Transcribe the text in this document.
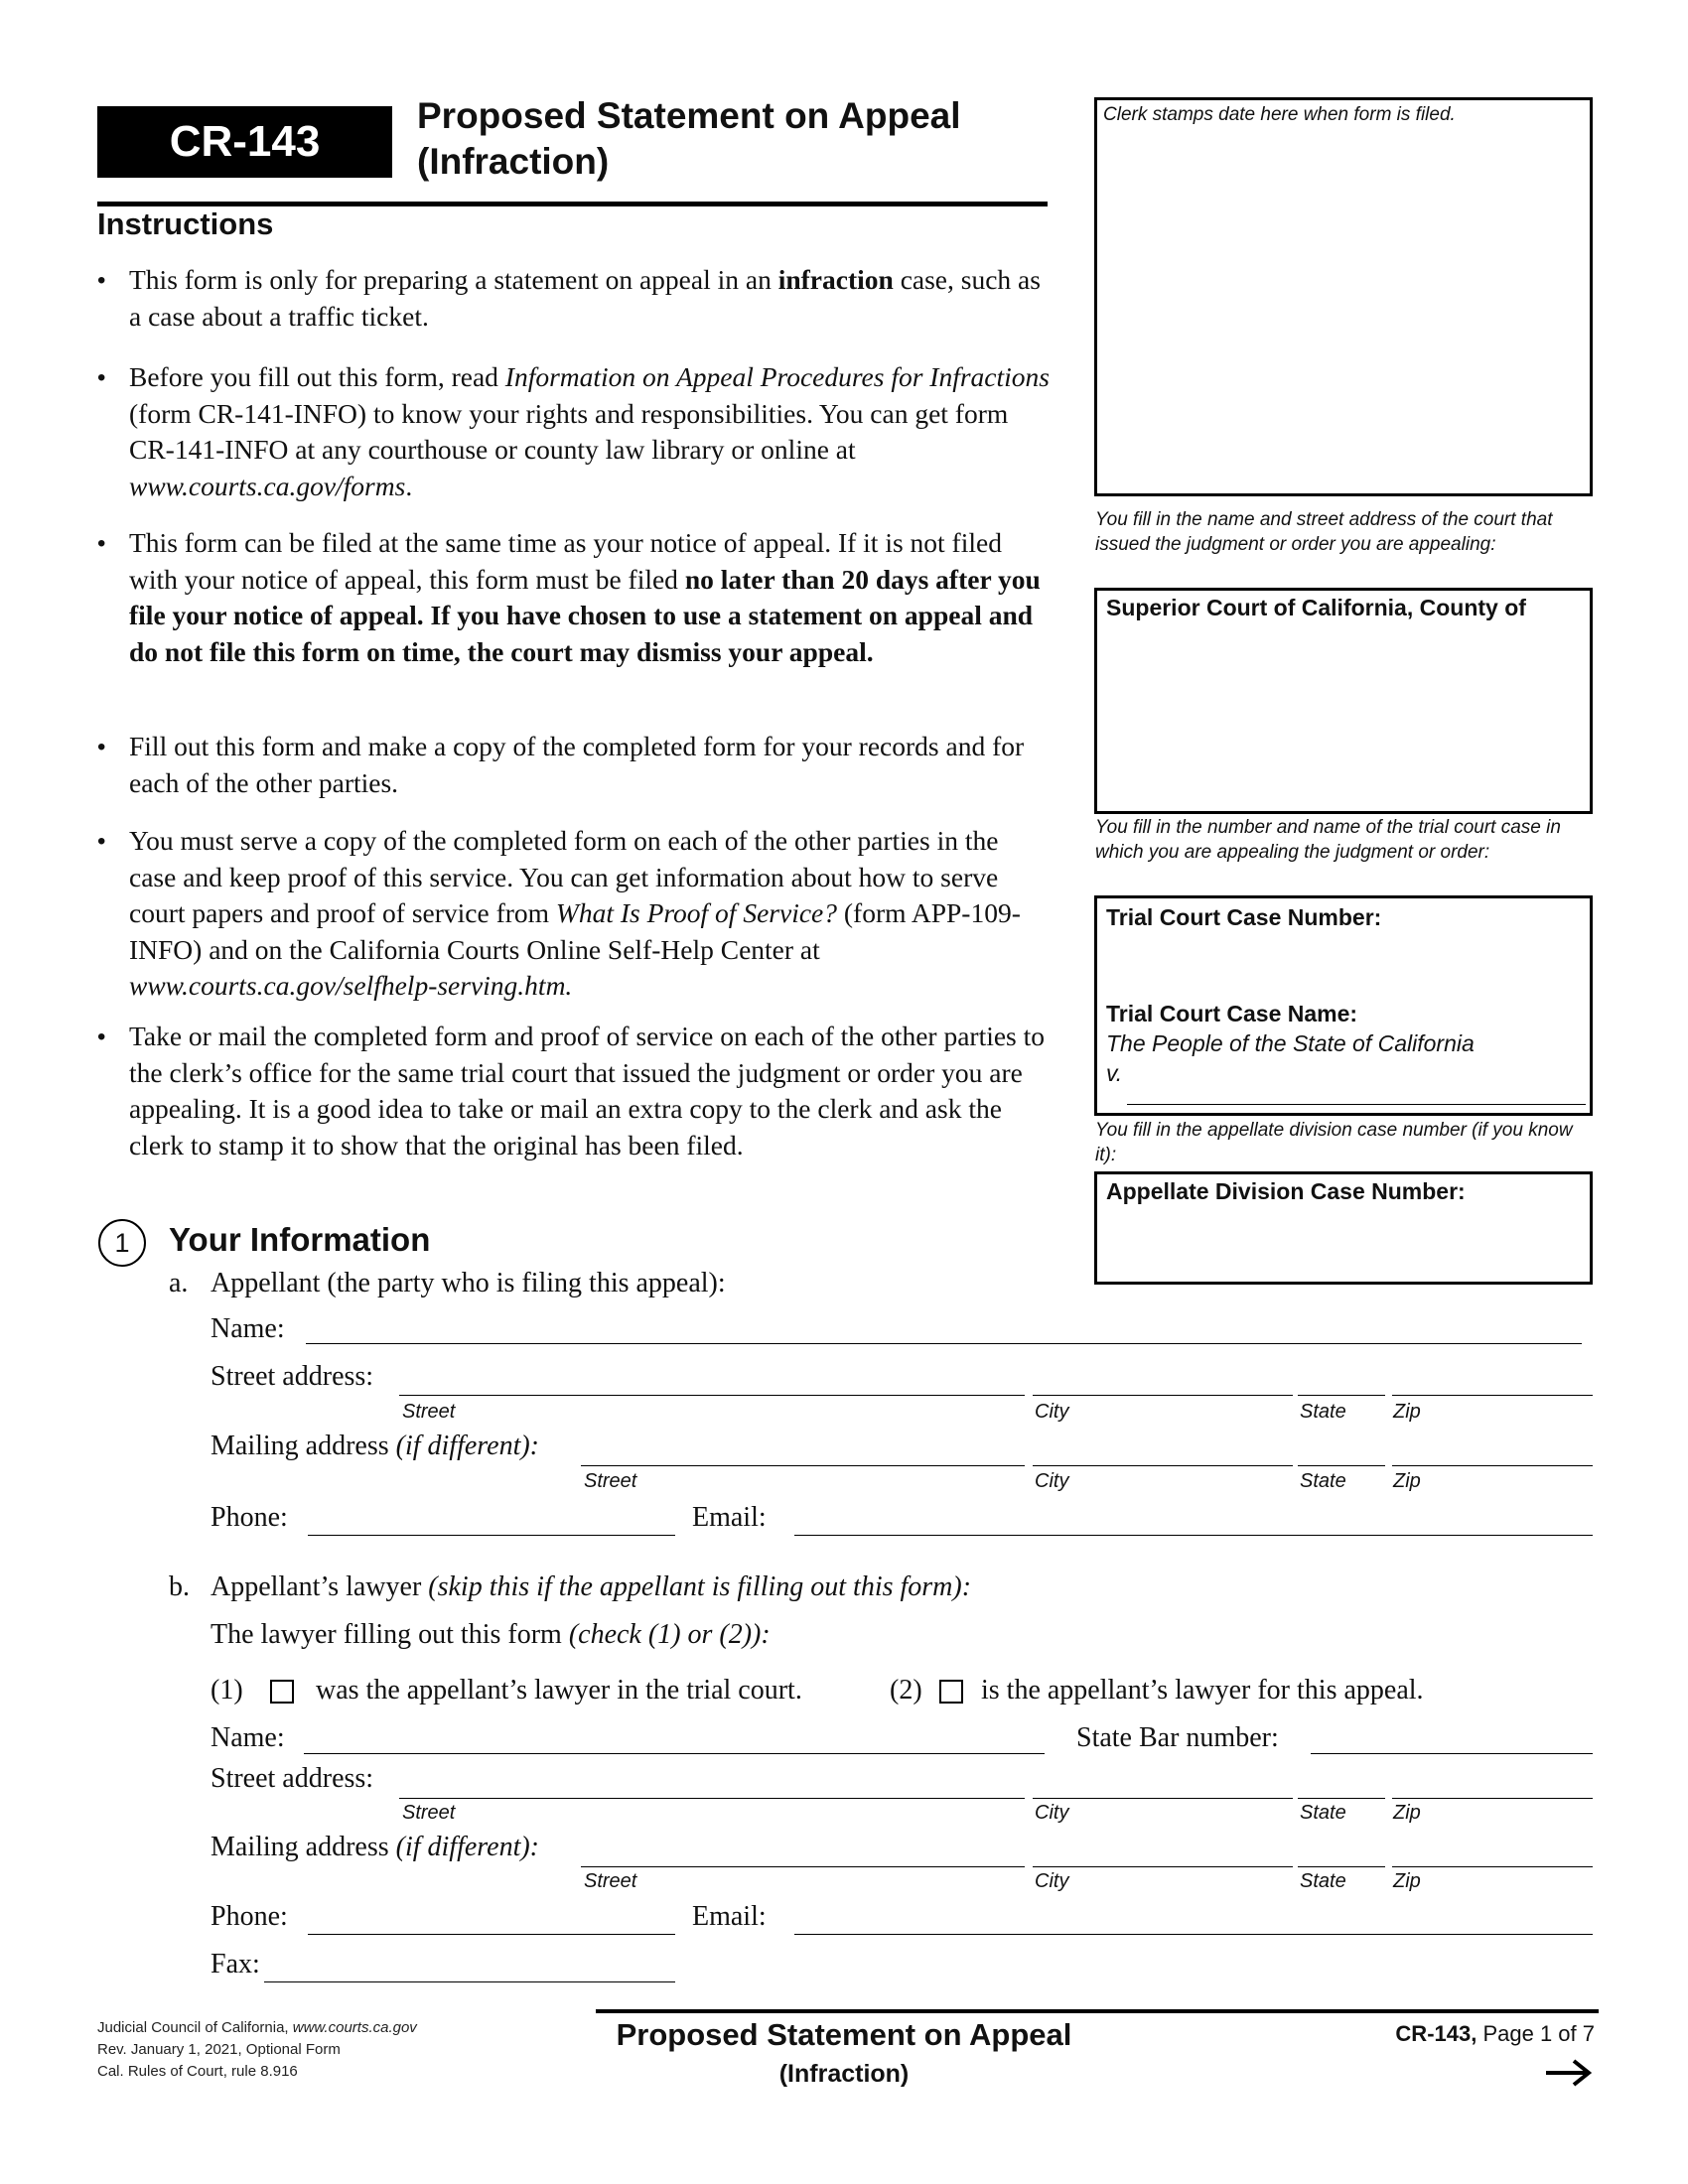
CR-143
Proposed Statement on Appeal
(Infraction)
Instructions
• This form is only for preparing a statement on appeal in an infraction case, such as a case about a traffic ticket.
• Before you fill out this form, read Information on Appeal Procedures for Infractions (form CR-141-INFO) to know your rights and responsibilities. You can get form CR-141-INFO at any courthouse or county law library or online at www.courts.ca.gov/forms.
• This form can be filed at the same time as your notice of appeal. If it is not filed with your notice of appeal, this form must be filed no later than 20 days after you file your notice of appeal. If you have chosen to use a statement on appeal and do not file this form on time, the court may dismiss your appeal.
• Fill out this form and make a copy of the completed form for your records and for each of the other parties.
• You must serve a copy of the completed form on each of the other parties in the case and keep proof of this service. You can get information about how to serve court papers and proof of service from What Is Proof of Service? (form APP-109-INFO) and on the California Courts Online Self-Help Center at www.courts.ca.gov/selfhelp-serving.htm.
• Take or mail the completed form and proof of service on each of the other parties to the clerk’s office for the same trial court that issued the judgment or order you are appealing. It is a good idea to take or mail an extra copy to the clerk and ask the clerk to stamp it to show that the original has been filed.
Clerk stamps date here when form is filed.
You fill in the name and street address of the court that issued the judgment or order you are appealing:
Superior Court of California, County of
You fill in the number and name of the trial court case in which you are appealing the judgment or order:
Trial Court Case Number:
Trial Court Case Name:
The People of the State of California
v.
You fill in the appellate division case number (if you know it):
Appellate Division Case Number:
1	Your Information
a. Appellant (the party who is filing this appeal):
Name:
Street address:
Street	City	State Zip
Mailing address (if different):
Street	City	State Zip
Phone:	Email:
b. Appellant’s lawyer (skip this if the appellant is filling out this form):
The lawyer filling out this form (check (1) or (2)):
(1)	was the appellant’s lawyer in the trial court.	(2) is the appellant’s lawyer for this appeal.
Name:	State Bar number:
Street address:
Street	City	State Zip
Mailing address (if different):
Street	City	State Zip
Phone:	Email:
Fax:
Judicial Council of California, www.courts.ca.gov
Rev. January 1, 2021, Optional Form
Cal. Rules of Court, rule 8.916
Proposed Statement on Appeal
(Infraction)
CR-143, Page 1 of 7
